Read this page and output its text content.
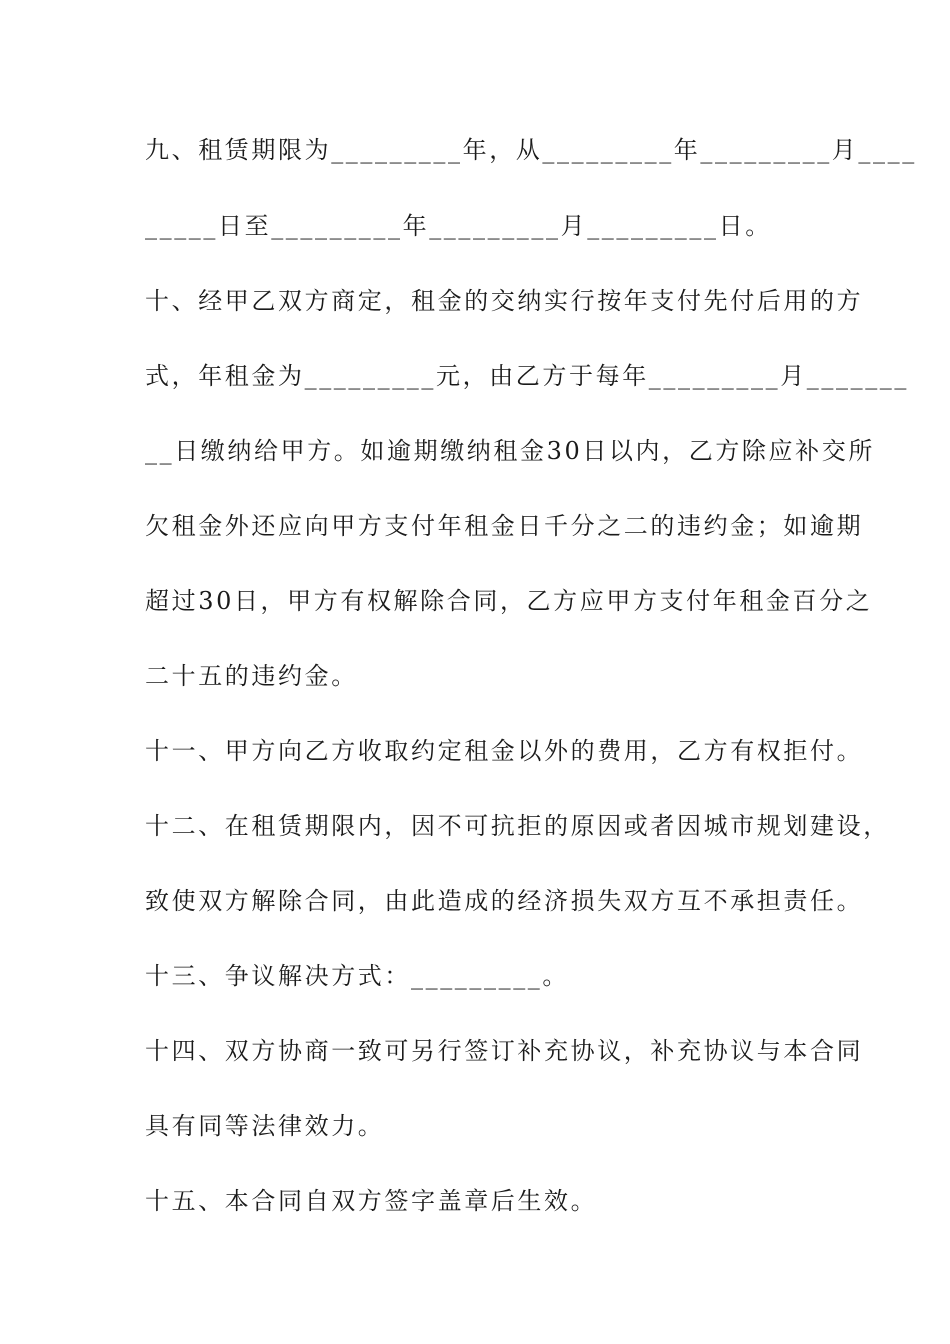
九、租赁期限为_________年，从_________年_________月____
_____日至_________年_________月_________日。
十、经甲乙双方商定，租金的交纳实行按年支付先付后用的方
式，年租金为_________元，由乙方于每年_________月_______
__日缴纳给甲方。如逾期缴纳租金30日以内，乙方除应补交所
欠租金外还应向甲方支付年租金日千分之二的违约金；如逾期
超过30日，甲方有权解除合同，乙方应甲方支付年租金百分之
二十五的违约金。
十一、甲方向乙方收取约定租金以外的费用，乙方有权拒付。
十二、在租赁期限内，因不可抗拒的原因或者因城市规划建设，
致使双方解除合同，由此造成的经济损失双方互不承担责任。
十三、争议解决方式：_________。
十四、双方协商一致可另行签订补充协议，补充协议与本合同
具有同等法律效力。
十五、本合同自双方签字盖章后生效。
